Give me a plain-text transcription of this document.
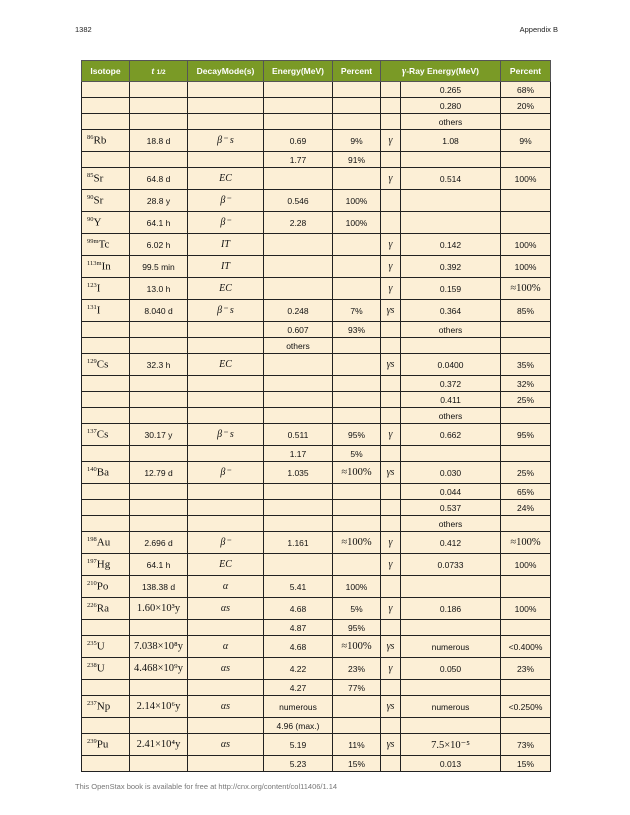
1382	Appendix B
Isotope	t 1/2	DecayMode(s)	Energy(MeV)	Percent	γ-Ray Energy(MeV)		Percent
						0.265	68%
						0.280	20%
						others	
$^{86}$Rb	18.8 d	β⁻ s	0.69	9%	γ	1.08	9%
			1.77	91%			
$^{85}$Sr	64.8 d	EC			γ	0.514	100%
$^{90}$Sr	28.8 y	β⁻	0.546	100%			
$^{90}$Y	64.1 h	β⁻	2.28	100%			
$^{99m}$Tc	6.02 h	IT			γ	0.142	100%
$^{113m}$In	99.5 min	IT			γ	0.392	100%
$^{123}$I	13.0 h	EC			γ	0.159	≈100%
$^{131}$I	8.040 d	β⁻ s	0.248	7%	γs	0.364	85%
			0.607	93%		others	
			others				
$^{129}$Cs	32.3 h	EC			γs	0.0400	35%
						0.372	32%
						0.411	25%
						others	
$^{137}$Cs	30.17 y	β⁻ s	0.511	95%	γ	0.662	95%
			1.17	5%			
$^{140}$Ba	12.79 d	β⁻	1.035	≈100%	γs	0.030	25%
						0.044	65%
						0.537	24%
						others	
$^{198}$Au	2.696 d	β⁻	1.161	≈100%	γ	0.412	≈100%
$^{197}$Hg	64.1 h	EC			γ	0.0733	100%
$^{210}$Po	138.38 d	α	5.41	100%			
$^{226}$Ra	1.60×10³y	αs	4.68	5%	γ	0.186	100%
			4.87	95%			
$^{235}$U	7.038×10⁸y	α	4.68	≈100%	γs	numerous	<0.400%
$^{238}$U	4.468×10⁹y	αs	4.22	23%	γ	0.050	23%
			4.27	77%			
$^{237}$Np	2.14×10⁶y	αs	numerous		γs	numerous	<0.250%
			4.96 (max.)				
$^{239}$Pu	2.41×10⁴y	αs	5.19	11%	γs	7.5×10⁻⁵	73%
			5.23	15%		0.013	15%
This OpenStax book is available for free at http://cnx.org/content/col11406/1.14
